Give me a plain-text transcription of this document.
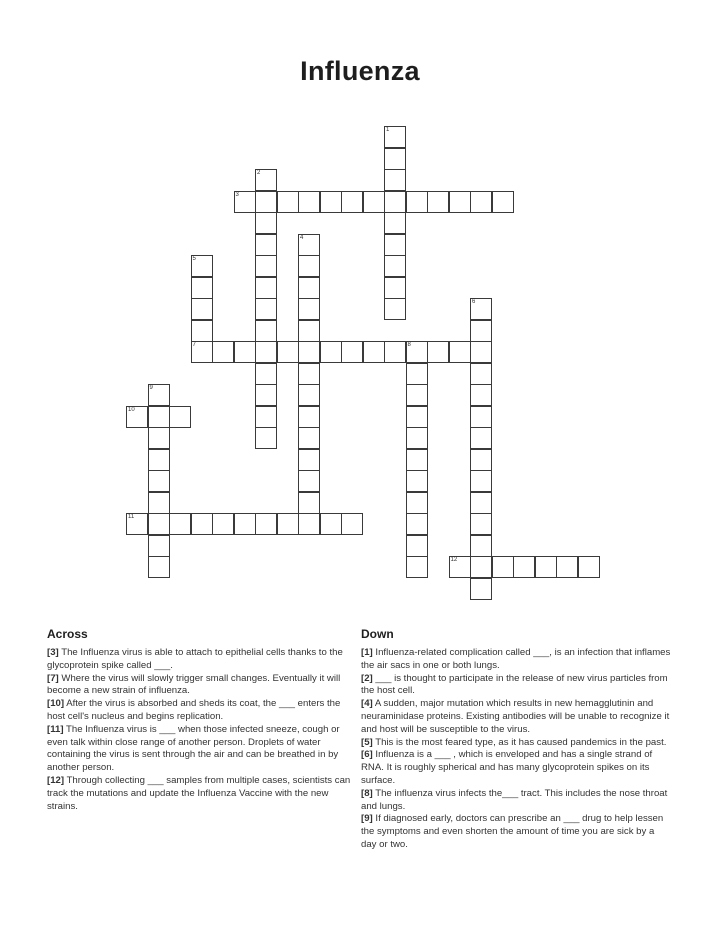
Influenza
1
2
3
4
5
7
6
8
9
10
11
12
Across
[3] The Influenza virus is able to attach to epithelial cells thanks to the glycoprotein spike called ___.
[7] Where the virus will slowly trigger small changes. Eventually it will become a new strain of influenza.
[10] After the virus is absorbed and sheds its coat, the ___ enters the host cell's nucleus and begins replication.
[11] The Influenza virus is ___ when those infected sneeze, cough or even talk within close range of another person. Droplets of water containing the virus is sent through the air and can be breathed in by another person.
[12] Through collecting ___ samples from multiple cases, scientists can track the mutations and update the Influenza Vaccine with the new strains.
Down
[1] Influenza-related complication called ___, is an infection that inflames the air sacs in one or both lungs.
[2] ___ is thought to participate in the release of new virus particles from the host cell.
[4] A sudden, major mutation which results in new hemagglutinin and neuraminidase proteins. Existing antibodies will be unable to recognize it and host will be susceptible to the virus.
[5] This is the most feared type, as it has caused pandemics in the past.
[6] Influenza is a ___ , which is enveloped and has a single strand of RNA. It is roughly spherical and has many glycoprotein spikes on its surface.
[8] The influenza virus infects the___ tract. This includes the nose throat and lungs.
[9] If diagnosed early, doctors can prescribe an ___ drug to help lessen the symptoms and even shorten the amount of time you are sick by a day or two.
